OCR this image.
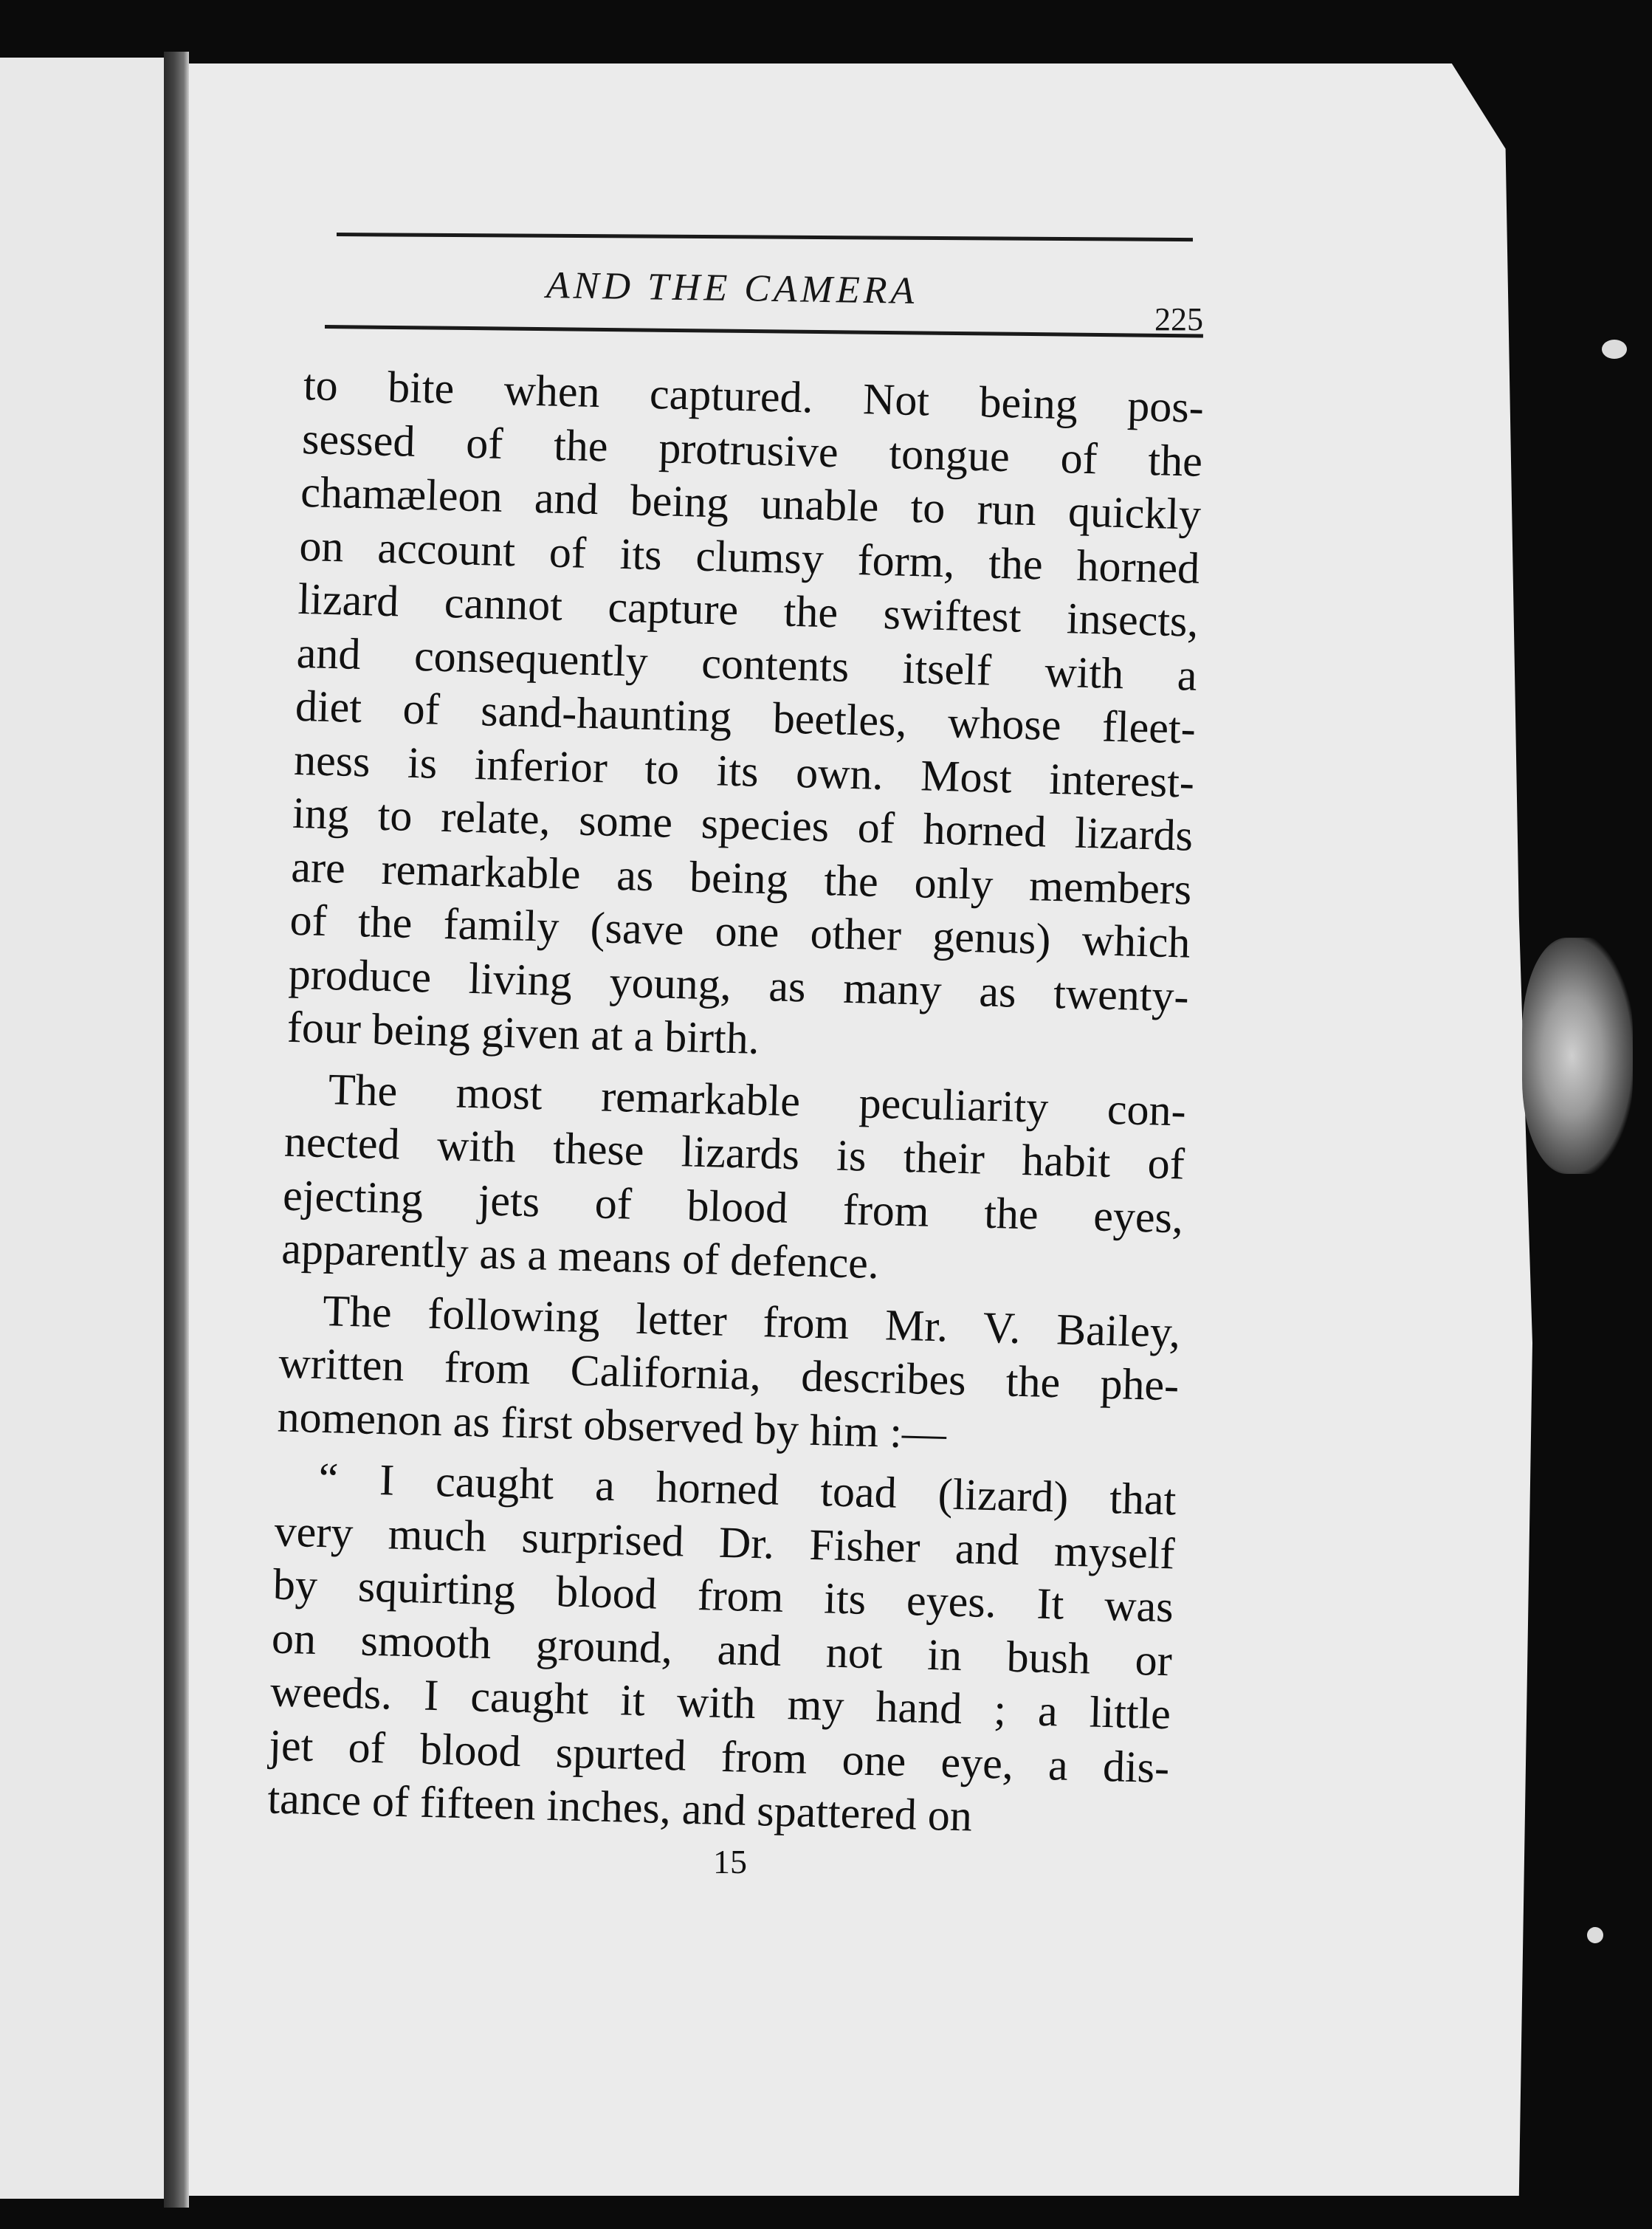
AND THE CAMERA
225

to bite when captured. Not being pos-
sessed of the protrusive tongue of the
chamæleon and being unable to run quickly
on account of its clumsy form, the horned
lizard cannot capture the swiftest insects,
and consequently contents itself with a
diet of sand-haunting beetles, whose fleet-
ness is inferior to its own. Most interest-
ing to relate, some species of horned lizards
are remarkable as being the only members
of the family (save one other genus) which
produce living young, as many as twenty-
four being given at a birth.

The most remarkable peculiarity con-
nected with these lizards is their habit of
ejecting jets of blood from the eyes,
apparently as a means of defence.

The following letter from Mr. V. Bailey,
written from California, describes the phe-
nomenon as first observed by him :—

“ I caught a horned toad (lizard) that
very much surprised Dr. Fisher and myself
by squirting blood from its eyes. It was
on smooth ground, and not in bush or
weeds. I caught it with my hand ; a little
jet of blood spurted from one eye, a dis-
tance of fifteen inches, and spattered on

15
